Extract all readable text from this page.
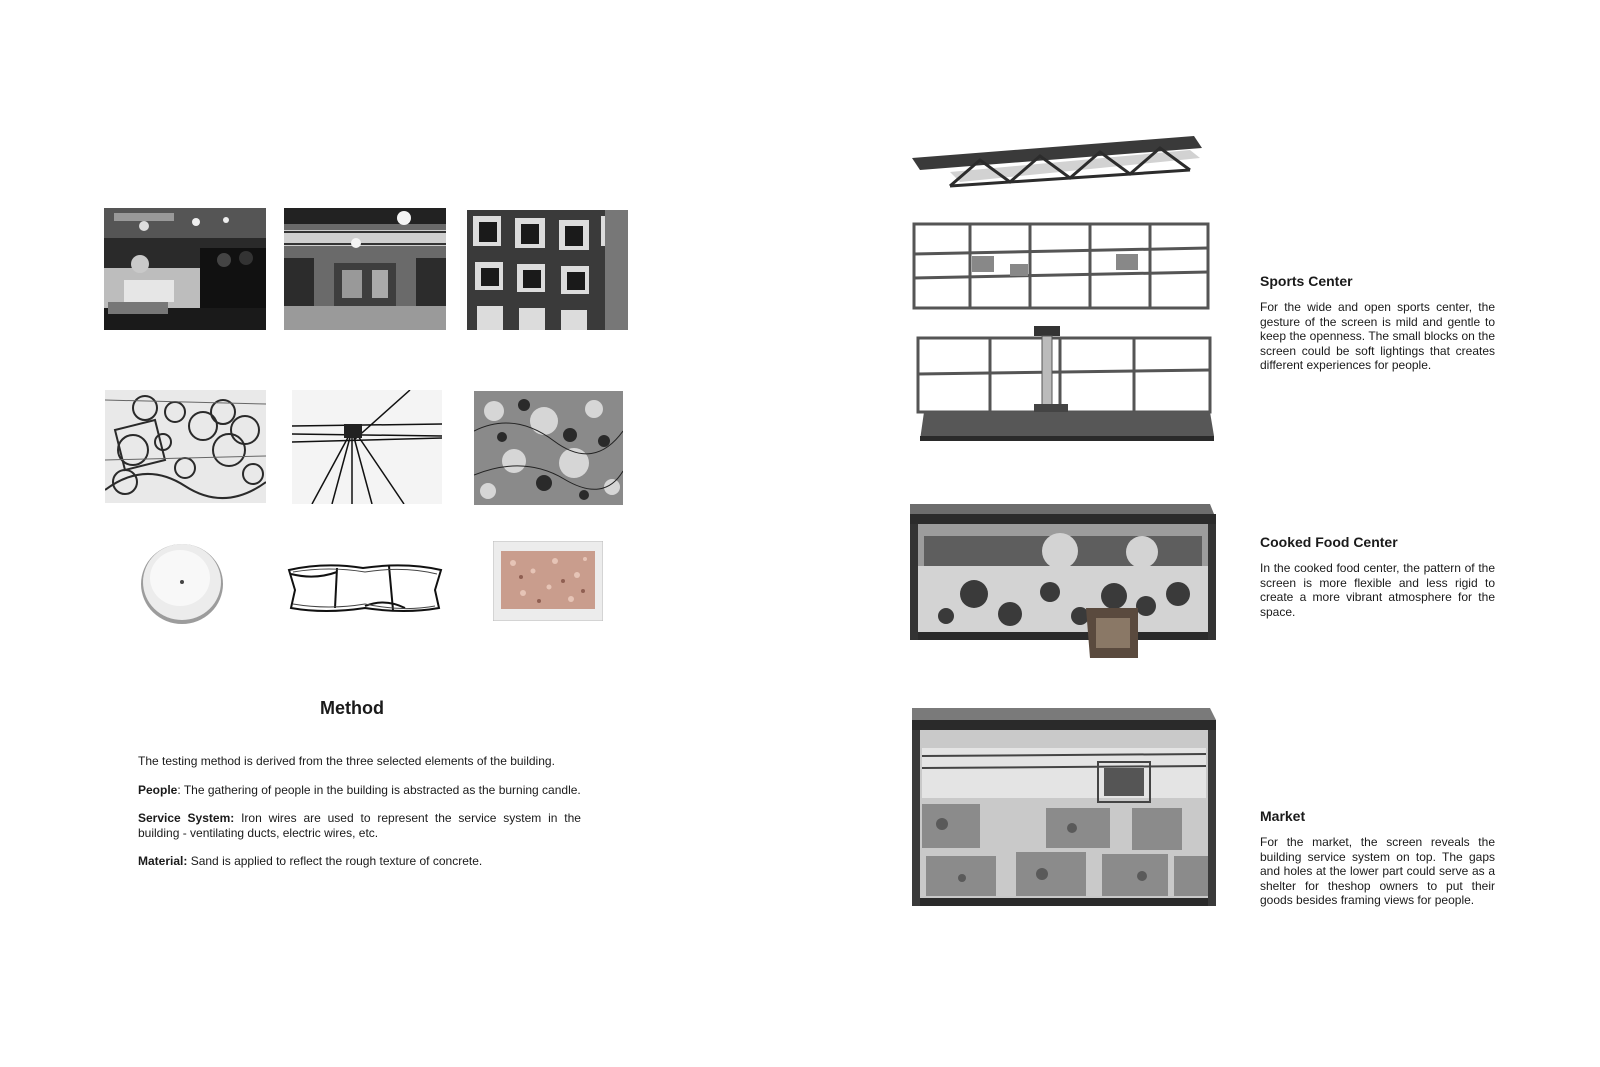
Method

The testing method is derived from the three selected elements of the building.

People: The gathering of people in the building is abstracted as the burning candle.

Service System: Iron wires are used to represent the service system in the building - ventilating ducts, electric wires, etc.

Material: Sand is applied to reflect the rough texture of concrete.

Sports Center

For the wide and open sports center, the gesture of the screen is mild and gentle to keep the openness. The small blocks on the screen could be soft lightings that creates different experiences for people.

Cooked Food Center

In the cooked food center, the pattern of the screen is more flexible and less rigid to create a more vibrant atmosphere for the space.

Market

For the market, the screen reveals the building service system on top. The gaps and holes at the lower part could serve as a shelter for theshop owners to put their goods besides framing views for people.
